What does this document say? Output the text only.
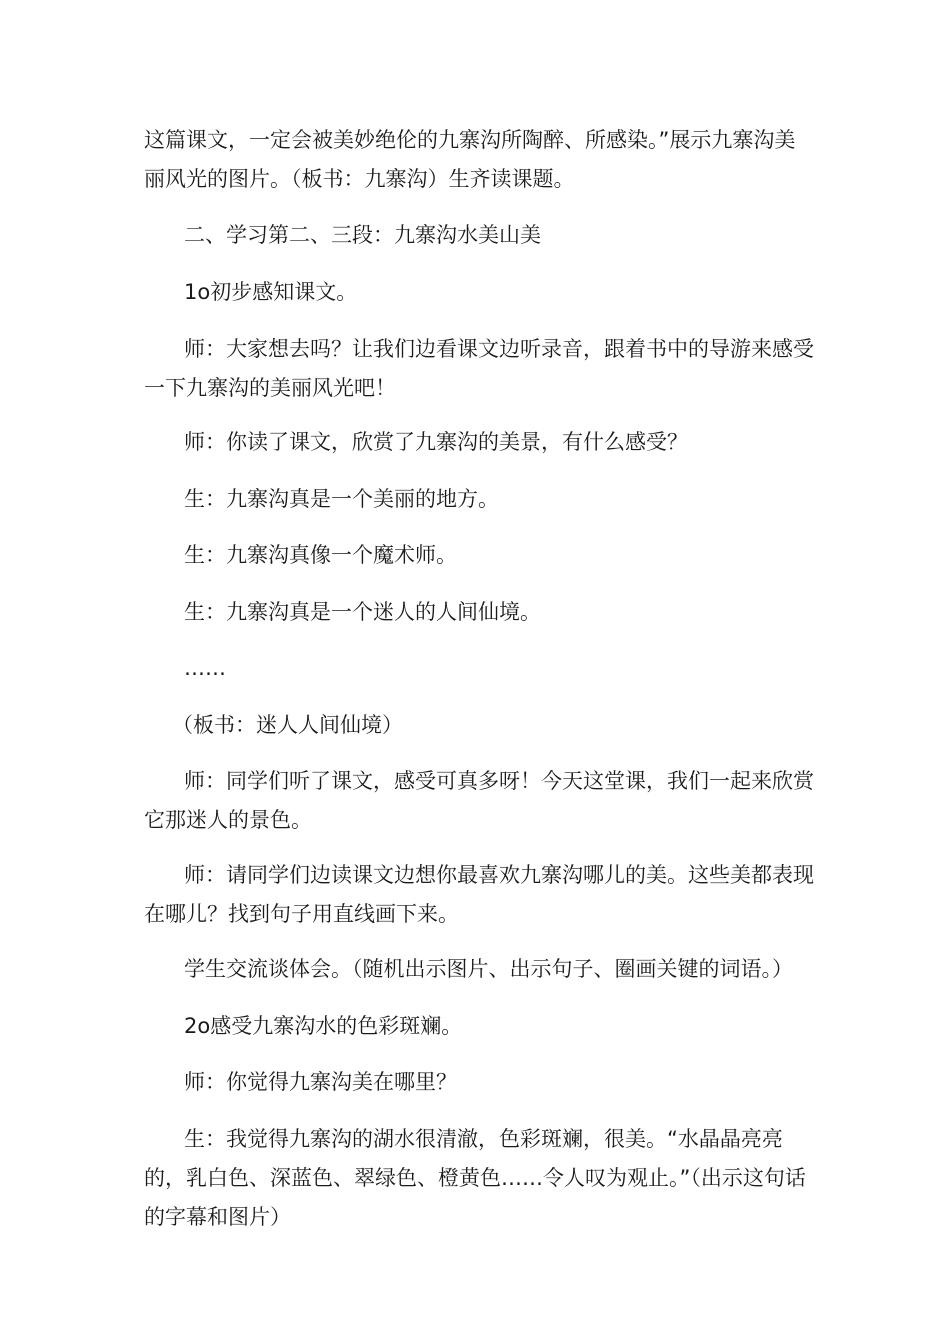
这篇课文，一定会被美妙绝伦的九寨沟所陶醉、所感染。”展示九寨沟美丽风光的图片。（板书：九寨沟）生齐读课题。

二、学习第二、三段：九寨沟水美山美

1o初步感知课文。

师：大家想去吗？让我们边看课文边听录音，跟着书中的导游来感受一下九寨沟的美丽风光吧！

师：你读了课文，欣赏了九寨沟的美景，有什么感受？

生：九寨沟真是一个美丽的地方。

生：九寨沟真像一个魔术师。

生：九寨沟真是一个迷人的人间仙境。

……

（板书：迷人人间仙境）

师：同学们听了课文，感受可真多呀！今天这堂课，我们一起来欣赏它那迷人的景色。

师：请同学们边读课文边想你最喜欢九寨沟哪儿的美。这些美都表现在哪儿？找到句子用直线画下来。

学生交流谈体会。（随机出示图片、出示句子、圈画关键的词语。）

2o感受九寨沟水的色彩斑斓。

师：你觉得九寨沟美在哪里？

生：我觉得九寨沟的湖水很清澈，色彩斑斓，很美。“水晶晶亮亮的，乳白色、深蓝色、翠绿色、橙黄色……令人叹为观止。”（出示这句话的字幕和图片）
